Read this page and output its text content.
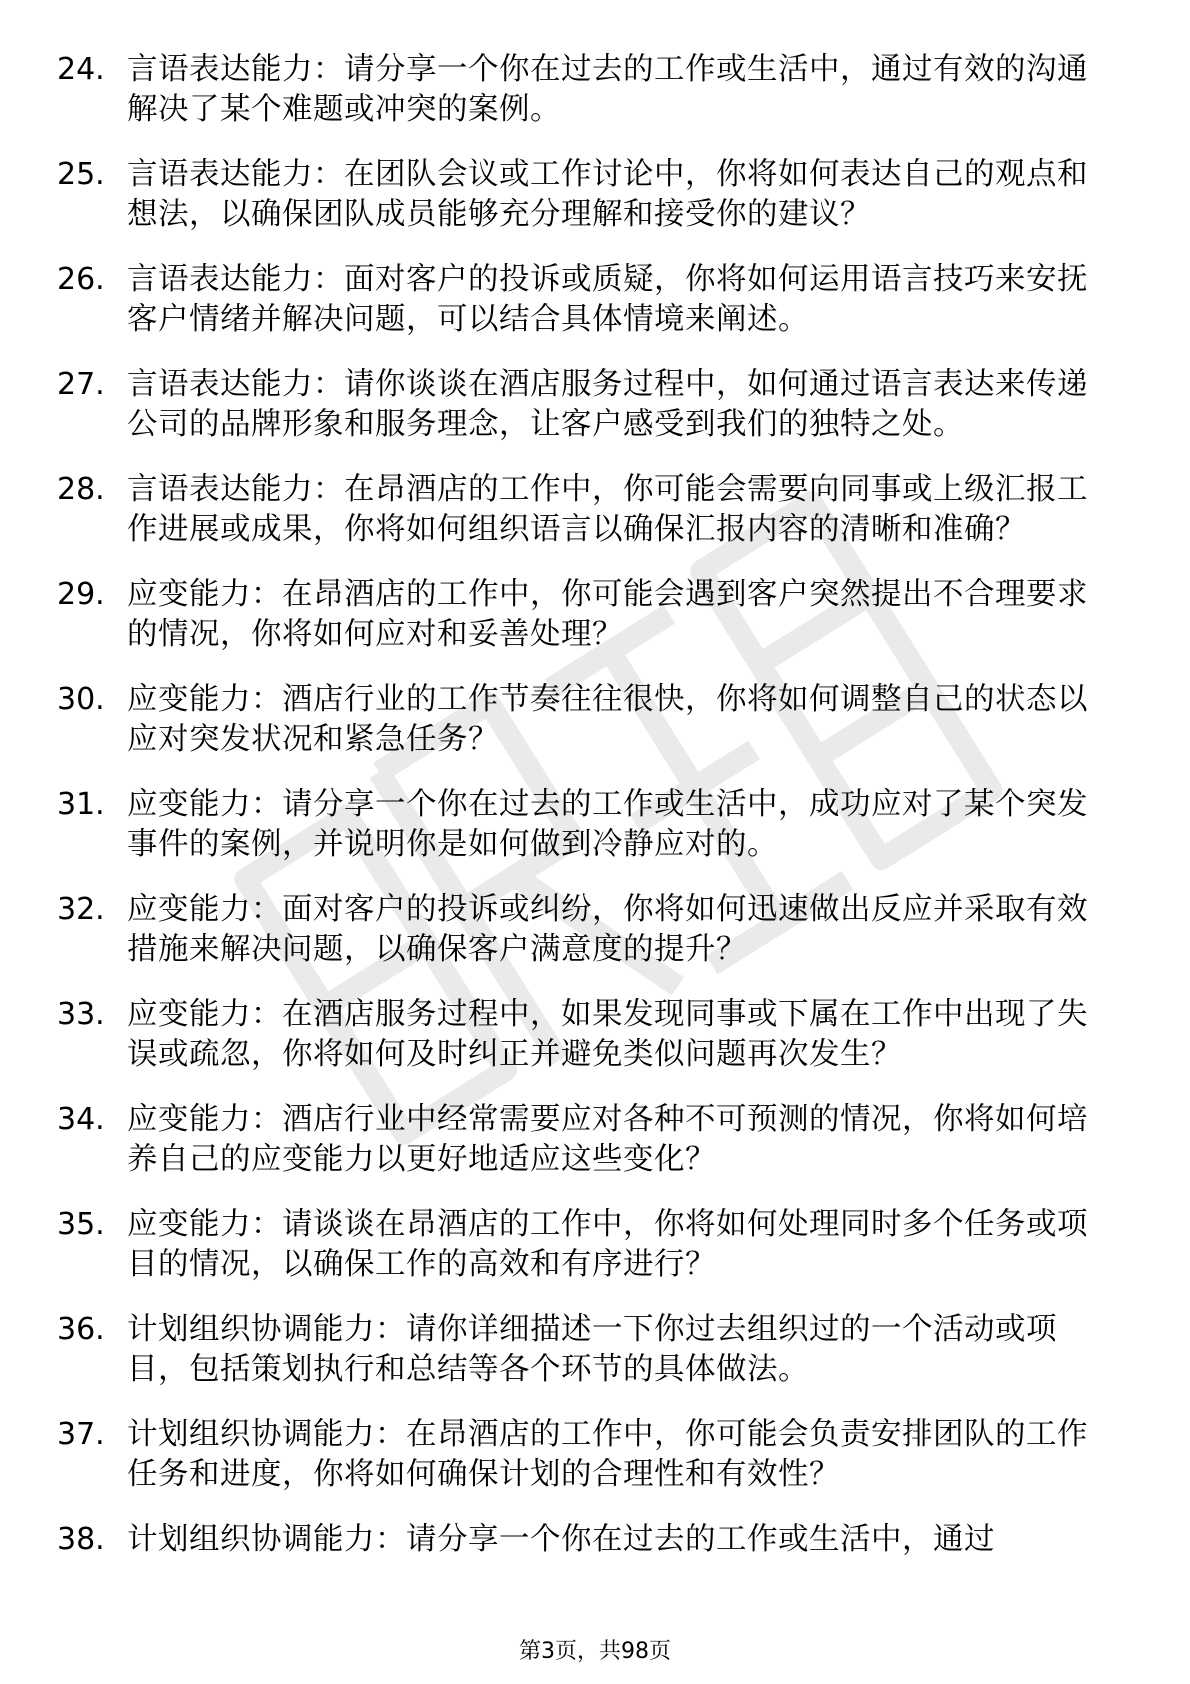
24. 言语表达能力：请分享一个你在过去的工作或生活中，通过有效的沟通解决了某个难题或冲突的案例。
25. 言语表达能力：在团队会议或工作讨论中，你将如何表达自己的观点和想法，以确保团队成员能够充分理解和接受你的建议？
26. 言语表达能力：面对客户的投诉或质疑，你将如何运用语言技巧来安抚客户情绪并解决问题，可以结合具体情境来阐述。
27. 言语表达能力：请你谈谈在酒店服务过程中，如何通过语言表达来传递公司的品牌形象和服务理念，让客户感受到我们的独特之处。
28. 言语表达能力：在昂酒店的工作中，你可能会需要向同事或上级汇报工作进展或成果，你将如何组织语言以确保汇报内容的清晰和准确？
29. 应变能力：在昂酒店的工作中，你可能会遇到客户突然提出不合理要求的情况，你将如何应对和妥善处理？
30. 应变能力：酒店行业的工作节奏往往很快，你将如何调整自己的状态以应对突发状况和紧急任务？
31. 应变能力：请分享一个你在过去的工作或生活中，成功应对了某个突发事件的案例，并说明你是如何做到冷静应对的。
32. 应变能力：面对客户的投诉或纠纷，你将如何迅速做出反应并采取有效措施来解决问题，以确保客户满意度的提升？
33. 应变能力：在酒店服务过程中，如果发现同事或下属在工作中出现了失误或疏忽，你将如何及时纠正并避免类似问题再次发生？
34. 应变能力：酒店行业中经常需要应对各种不可预测的情况，你将如何培养自己的应变能力以更好地适应这些变化？
35. 应变能力：请谈谈在昂酒店的工作中，你将如何处理同时多个任务或项目的情况，以确保工作的高效和有序进行？
36. 计划组织协调能力：请你详细描述一下你过去组织过的一个活动或项目，包括策划执行和总结等各个环节的具体做法。
37. 计划组织协调能力：在昂酒店的工作中，你可能会负责安排团队的工作任务和进度，你将如何确保计划的合理性和有效性？
38. 计划组织协调能力：请分享一个你在过去的工作或生活中，通过
第3页，共98页
